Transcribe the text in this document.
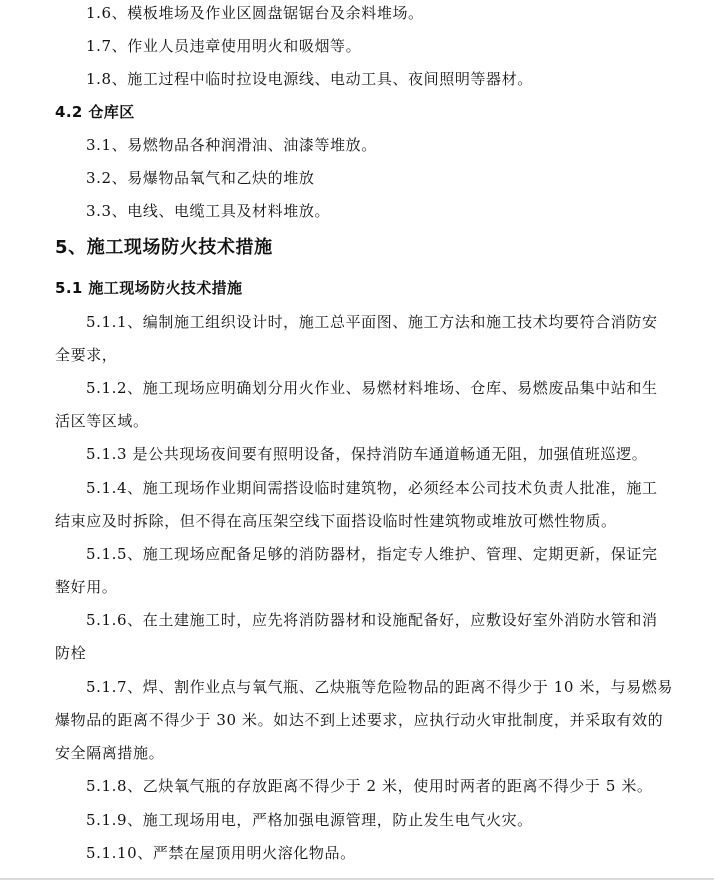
1.6、模板堆场及作业区圆盘锯锯台及余料堆场。
1.7、作业人员违章使用明火和吸烟等。
1.8、施工过程中临时拉设电源线、电动工具、夜间照明等器材。
4.2 仓库区
3.1、易燃物品各种润滑油、油漆等堆放。
3.2、易爆物品氧气和乙炔的堆放
3.3、电线、电缆工具及材料堆放。
5、施工现场防火技术措施
5.1 施工现场防火技术措施
5.1.1、编制施工组织设计时，施工总平面图、施工方法和施工技术均要符合消防安
全要求，
5.1.2、施工现场应明确划分用火作业、易燃材料堆场、仓库、易燃废品集中站和生
活区等区域。
5.1.3 是公共现场夜间要有照明设备，保持消防车通道畅通无阻，加强值班巡逻。
5.1.4、施工现场作业期间需搭设临时建筑物，必须经本公司技术负责人批准，施工
结束应及时拆除，但不得在高压架空线下面搭设临时性建筑物或堆放可燃性物质。
5.1.5、施工现场应配备足够的消防器材，指定专人维护、管理、定期更新，保证完
整好用。
5.1.6、在土建施工时，应先将消防器材和设施配备好，应敷设好室外消防水管和消
防栓
5.1.7、焊、割作业点与氧气瓶、乙炔瓶等危险物品的距离不得少于 10 米，与易燃易
爆物品的距离不得少于 30 米。如达不到上述要求，应执行动火审批制度，并采取有效的
安全隔离措施。
5.1.8、乙炔氧气瓶的存放距离不得少于 2 米，使用时两者的距离不得少于 5 米。
5.1.9、施工现场用电，严格加强电源管理，防止发生电气火灾。
5.1.10、严禁在屋顶用明火溶化物品。
